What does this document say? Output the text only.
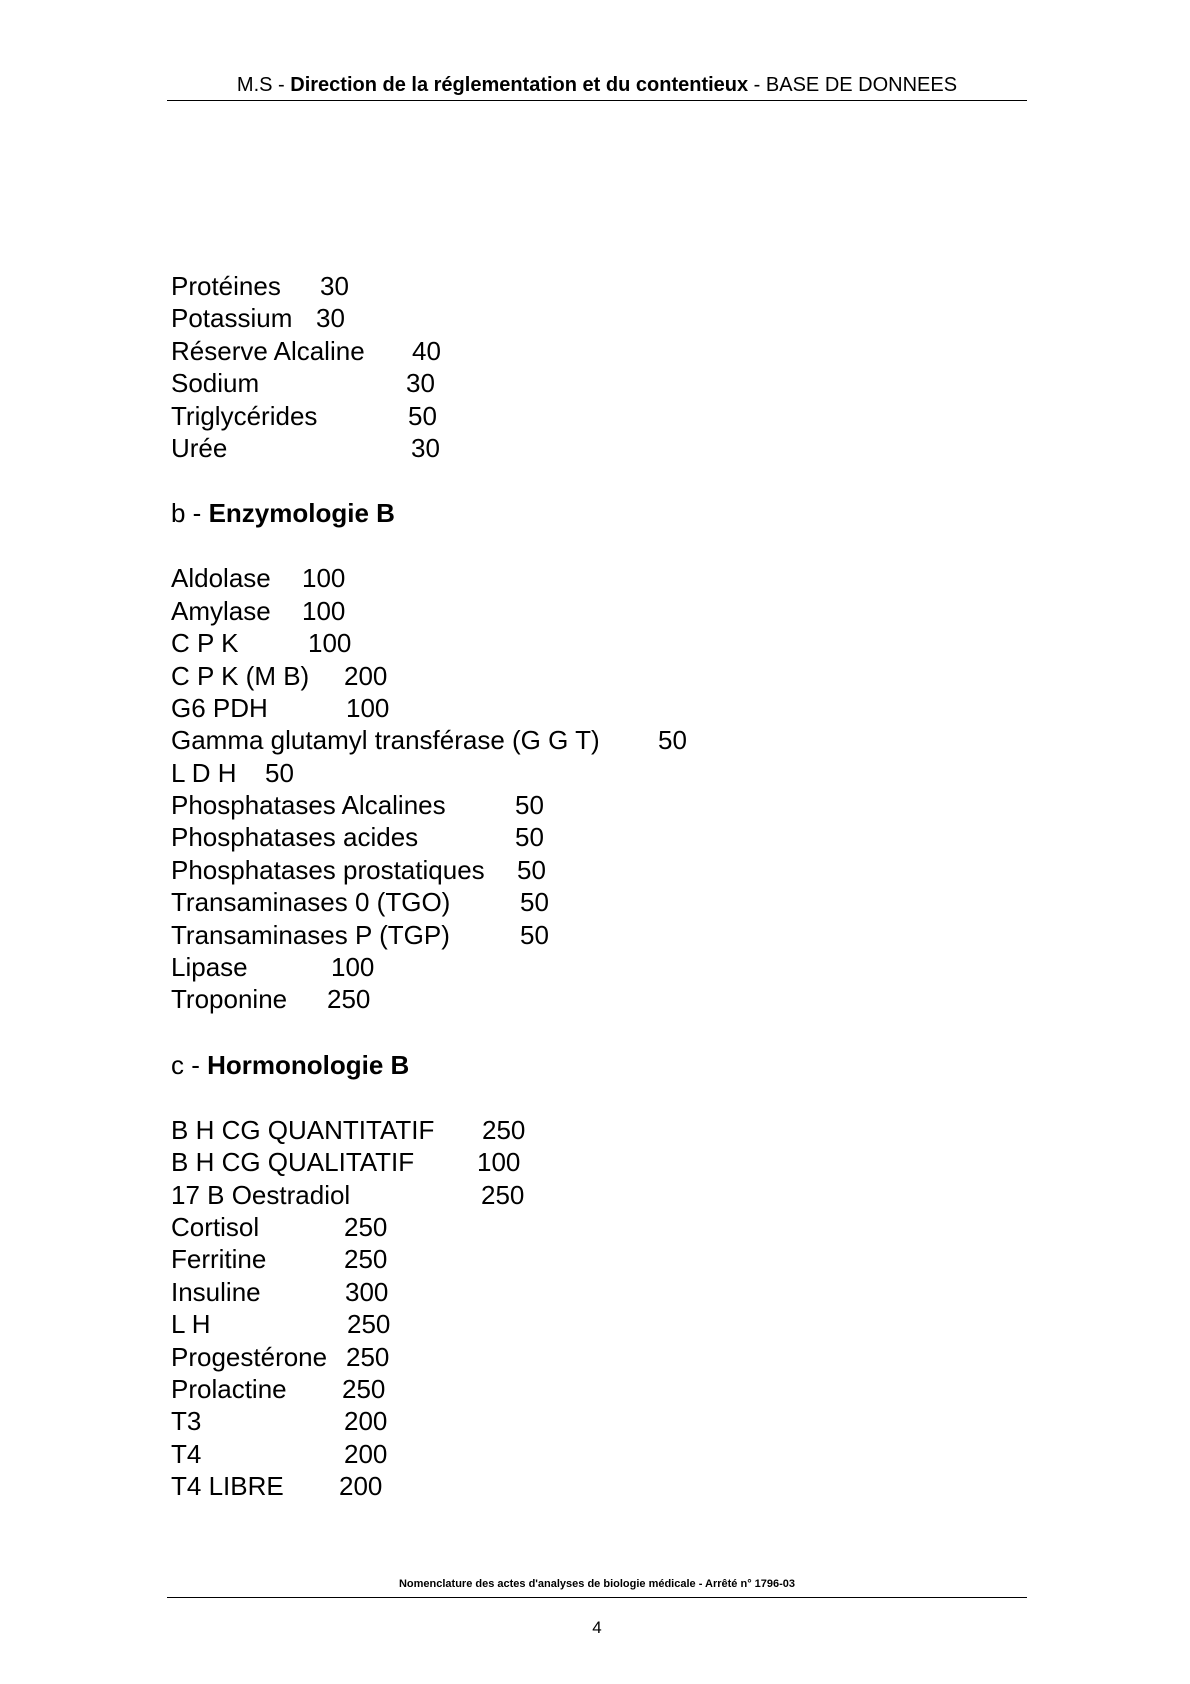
M.S - Direction de la réglementation et du contentieux - BASE DE DONNEES
Protéines 30
Potassium 30
Réserve Alcaline 40
Sodium	30
Triglycérides	50
Urée	30
b - Enzymologie B
Aldolase 100
Amylase 100
C P K	100
C P K (M B) 200
G6 PDH	100
Gamma glutamyl transférase (G G T) 50
L D H 50
Phosphatases Alcalines	50
Phosphatases acides	50
Phosphatases prostatiques 50
Transaminases 0 (TGO)	50
Transaminases P (TGP)	50
Lipase	100
Troponine 250
c - Hormonologie B
B H CG QUANTITATIF 250
B H CG QUALITATIF 100
17 B Oestradiol	250
Cortisol	250
Ferritine	250
Insuline	300
L H	250
Progestérone 250
Prolactine 250
T3	200
T4	200
T4 LIBRE 200
Nomenclature des actes d'analyses de biologie médicale - Arrêté n° 1796-03
4
